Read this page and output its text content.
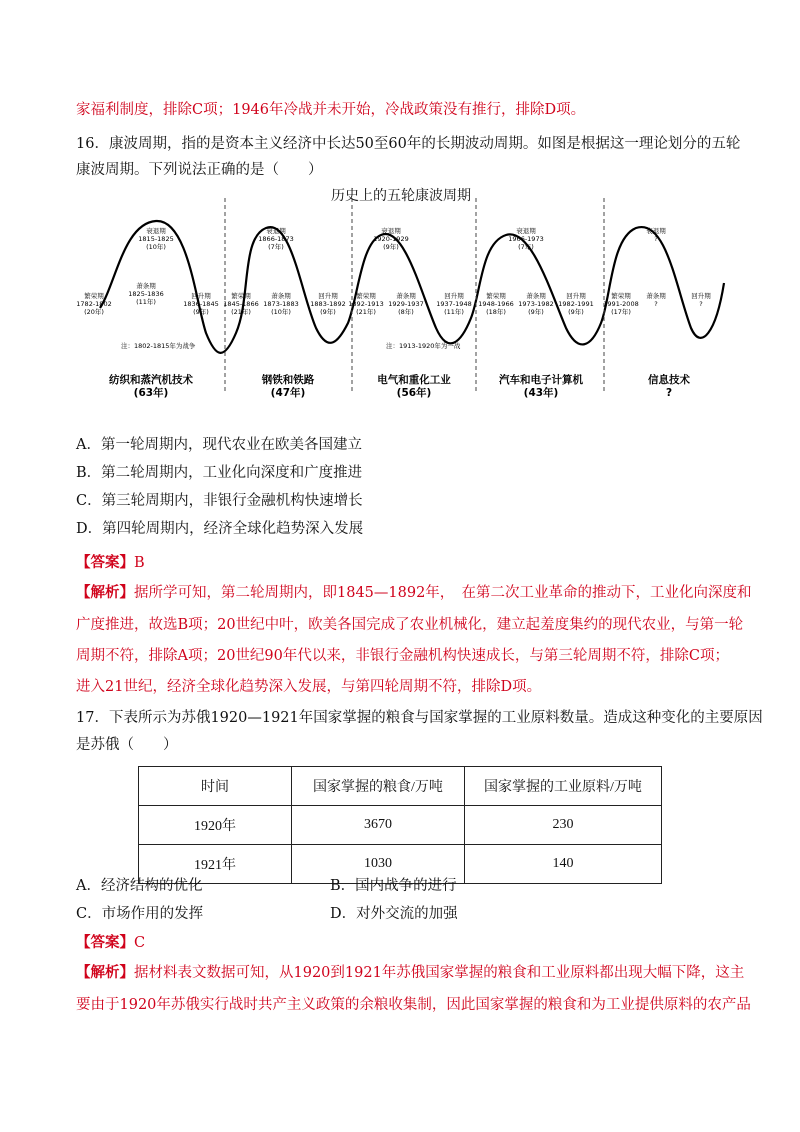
家福利制度，排除C项；1946年冷战并未开始，冷战政策没有推行，排除D项。
16．康波周期，指的是资本主义经济中长达50至60年的长期波动周期。如图是根据这一理论划分的五轮
康波周期。下列说法正确的是（　　）
历史上的五轮康波周期
繁荣期 1782-1802 (20年)
衰退期 1815-1825 (10年)
萧条期 1825-1836 (11年)
回升期 1836-1845 (9年)
注：1802-1815年为战争
繁荣期 1845-1866 (21年)
衰退期 1866-1873 (7年)
萧条期 1873-1883 (10年)
回升期 1883-1892 (9年)
繁荣期 1892-1913 (21年)
衰退期 1920-1929 (9年)
萧条期 1929-1937 (8年)
回升期 1937-1948 (11年)
注：1913-1920年为一战
繁荣期 1948-1966 (18年)
衰退期 1966-1973 (7年)
萧条期 1973-1982 (9年)
回升期 1982-1991 (9年)
繁荣期 1991-2008 (17年)
衰退期?
萧条期?
回升期?
纺织和蒸汽机技术(63年)
钢铁和铁路(47年)
电气和重化工业(56年)
汽车和电子计算机(43年)
信息技术?
A．第一轮周期内，现代农业在欧美各国建立
B．第二轮周期内，工业化向深度和广度推进
C．第三轮周期内，非银行金融机构快速增长
D．第四轮周期内，经济全球化趋势深入发展
【答案】B
【解析】据所学可知，第二轮周期内，即1845—1892年，　在第二次工业革命的推动下，工业化向深度和
广度推进，故选B项；20世纪中叶，欧美各国完成了农业机械化，建立起羞度集约的现代农业，与第一轮
周期不符，排除A项；20世纪90年代以来，非银行金融机构快速成长，与第三轮周期不符，排除C项；
进入21世纪，经济全球化趋势深入发展，与第四轮周期不符，排除D项。
17．下表所示为苏俄1920—1921年国家掌握的粮食与国家掌握的工业原料数量。造成这种变化的主要原因
是苏俄（　　）
时间	国家掌握的粮食/万吨	国家掌握的工业原料/万吨
1920年	3670	230
1921年	1030	140
A．经济结构的优化	B．国内战争的进行
C．市场作用的发挥	D．对外交流的加强
【答案】C
【解析】据材料表文数据可知，从1920到1921年苏俄国家掌握的粮食和工业原料都出现大幅下降，这主
要由于1920年苏俄实行战时共产主义政策的余粮收集制，因此国家掌握的粮食和为工业提供原料的农产品
